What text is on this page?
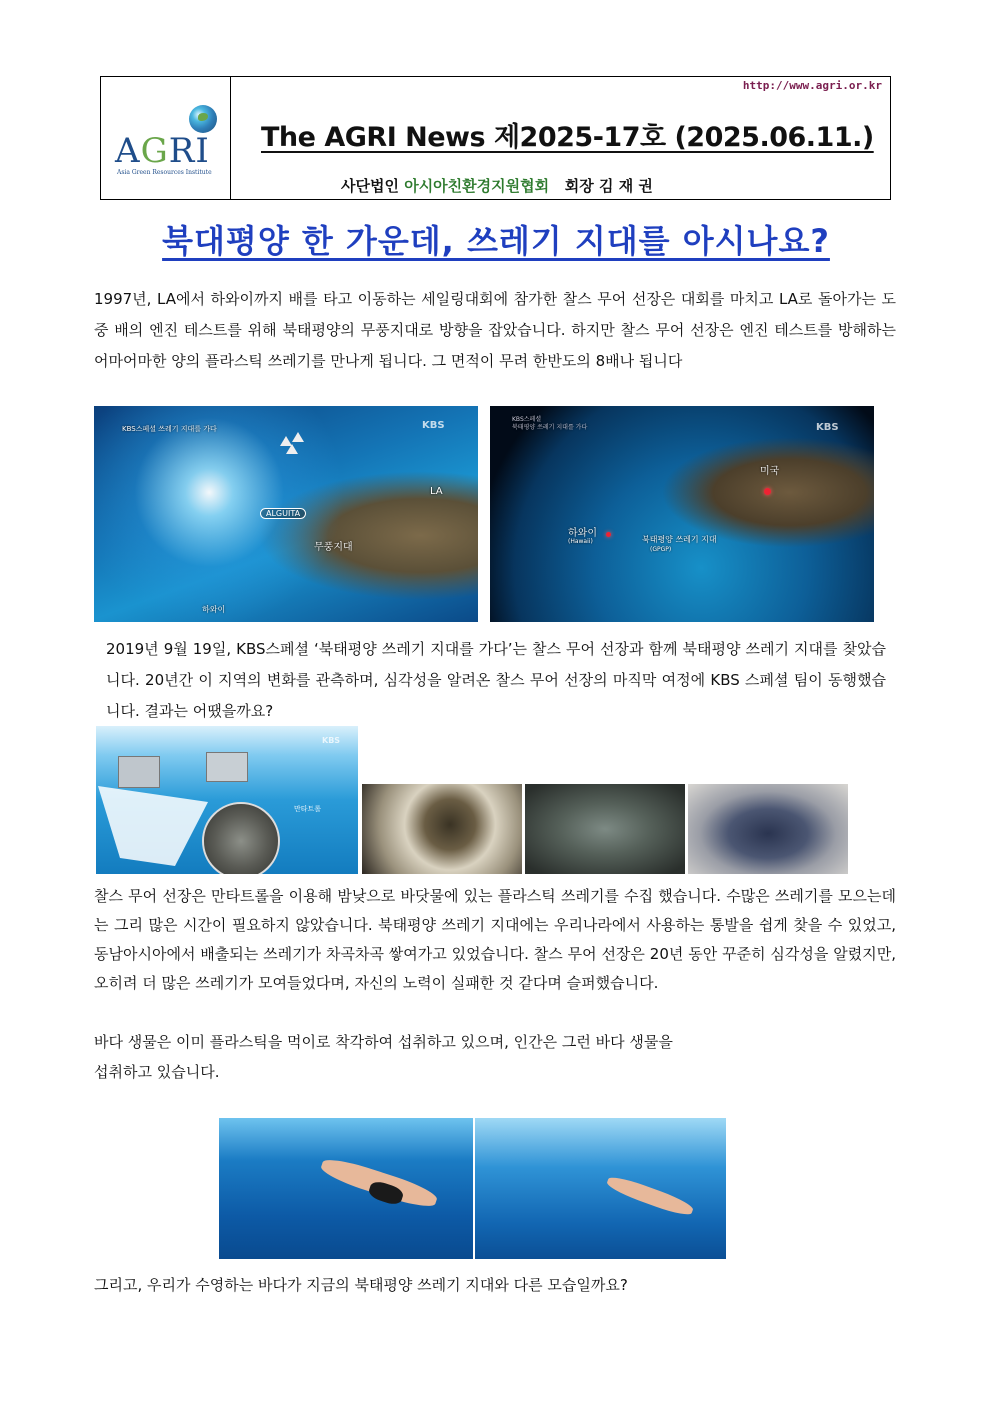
AGRI
Asia Green Resources Institute
http://www.agri.or.kr
The AGRI News 제2025-17호 (2025.06.11.)
사단법인 아시아친환경지원협회 회장 김 재 권
북대평양 한 가운데, 쓰레기 지대를 아시나요?
1997년, LA에서 하와이까지 배를 타고 이동하는 세일링대회에 참가한 찰스 무어 선장은 대회를 마치고 LA로 돌아가는 도중 배의 엔진 테스트를 위해 북태평양의 무풍지대로 방향을 잡았습니다. 하지만 찰스 무어 선장은 엔진 테스트를 방해하는 어마어마한 양의 플라스틱 쓰레기를 만나게 됩니다. 그 면적이 무려 한반도의 8배나 됩니다
KBS스페셜 쓰레기 지대를 가다	KBS
LA
ALGUITA
무풍지대
하와이
KBS스페셜
북태평양 쓰레기 지대를 가다	KBS
미국
하와이
(Hawaii)	북태평양 쓰레기 지대
(GPGP)
2019년 9월 19일, KBS스페셜 ‘북태평양 쓰레기 지대를 가다’는 찰스 무어 선장과 함께 북태평양 쓰레기 지대를 찾았습니다. 20년간 이 지역의 변화를 관측하며, 심각성을 알려온 찰스 무어 선장의 마직막 여정에 KBS 스페셜 팀이 동행했습니다. 결과는 어땠을까요?
KBS
만타트롤
찰스 무어 선장은 만타트롤을 이용해 밤낮으로 바닷물에 있는 플라스틱 쓰레기를 수집 했습니다. 수많은 쓰레기를 모으는데는 그리 많은 시간이 필요하지 않았습니다. 북태평양 쓰레기 지대에는 우리나라에서 사용하는 통발을 쉽게 찾을 수 있었고, 동남아시아에서 배출되는 쓰레기가 차곡차곡 쌓여가고 있었습니다. 찰스 무어 선장은 20년 동안 꾸준히 심각성을 알렸지만, 오히려 더 많은 쓰레기가 모여들었다며, 자신의 노력이 실패한 것 같다며 슬퍼했습니다.
바다 생물은 이미 플라스틱을 먹이로 착각하여 섭취하고 있으며, 인간은 그런 바다 생물을
섭취하고 있습니다.
그리고, 우리가 수영하는 바다가 지금의 북태평양 쓰레기 지대와 다른 모습일까요?
